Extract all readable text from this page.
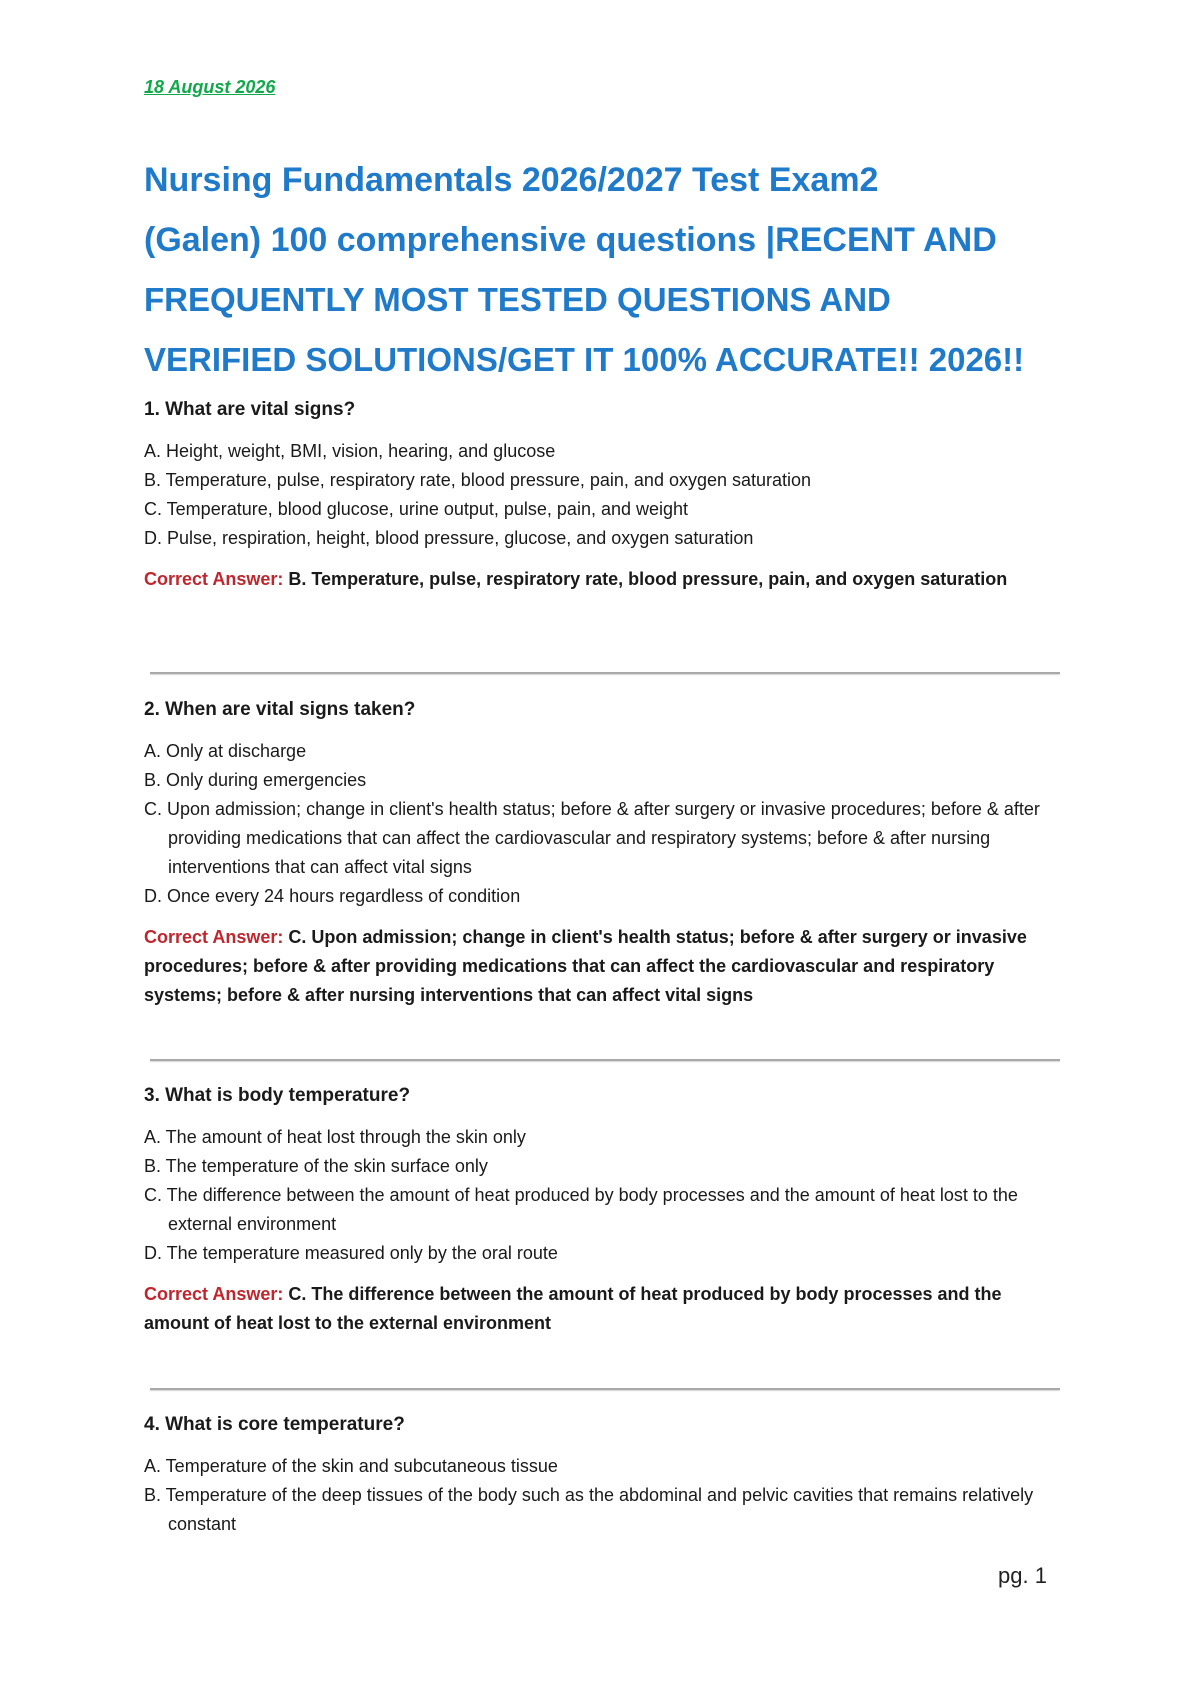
18 August 2026
Nursing Fundamentals 2026/2027 Test Exam2
(Galen) 100 comprehensive questions |RECENT AND
FREQUENTLY MOST TESTED QUESTIONS AND
VERIFIED SOLUTIONS/GET IT 100% ACCURATE!! 2026!!

1. What are vital signs?

A. Height, weight, BMI, vision, hearing, and glucose
B. Temperature, pulse, respiratory rate, blood pressure, pain, and oxygen saturation
C. Temperature, blood glucose, urine output, pulse, pain, and weight
D. Pulse, respiration, height, blood pressure, glucose, and oxygen saturation
Correct Answer: B. Temperature, pulse, respiratory rate, blood pressure, pain, and oxygen saturation

2. When are vital signs taken?

A. Only at discharge
B. Only during emergencies
C. Upon admission; change in client's health status; before & after surgery or invasive procedures; before & after providing medications that can affect the cardiovascular and respiratory systems; before & after nursing interventions that can affect vital signs
D. Once every 24 hours regardless of condition
Correct Answer: C. Upon admission; change in client's health status; before & after surgery or invasive procedures; before & after providing medications that can affect the cardiovascular and respiratory systems; before & after nursing interventions that can affect vital signs

3. What is body temperature?

A. The amount of heat lost through the skin only
B. The temperature of the skin surface only
C. The difference between the amount of heat produced by body processes and the amount of heat lost to the external environment
D. The temperature measured only by the oral route
Correct Answer: C. The difference between the amount of heat produced by body processes and the amount of heat lost to the external environment

4. What is core temperature?

A. Temperature of the skin and subcutaneous tissue
B. Temperature of the deep tissues of the body such as the abdominal and pelvic cavities that remains relatively constant
pg. 1
